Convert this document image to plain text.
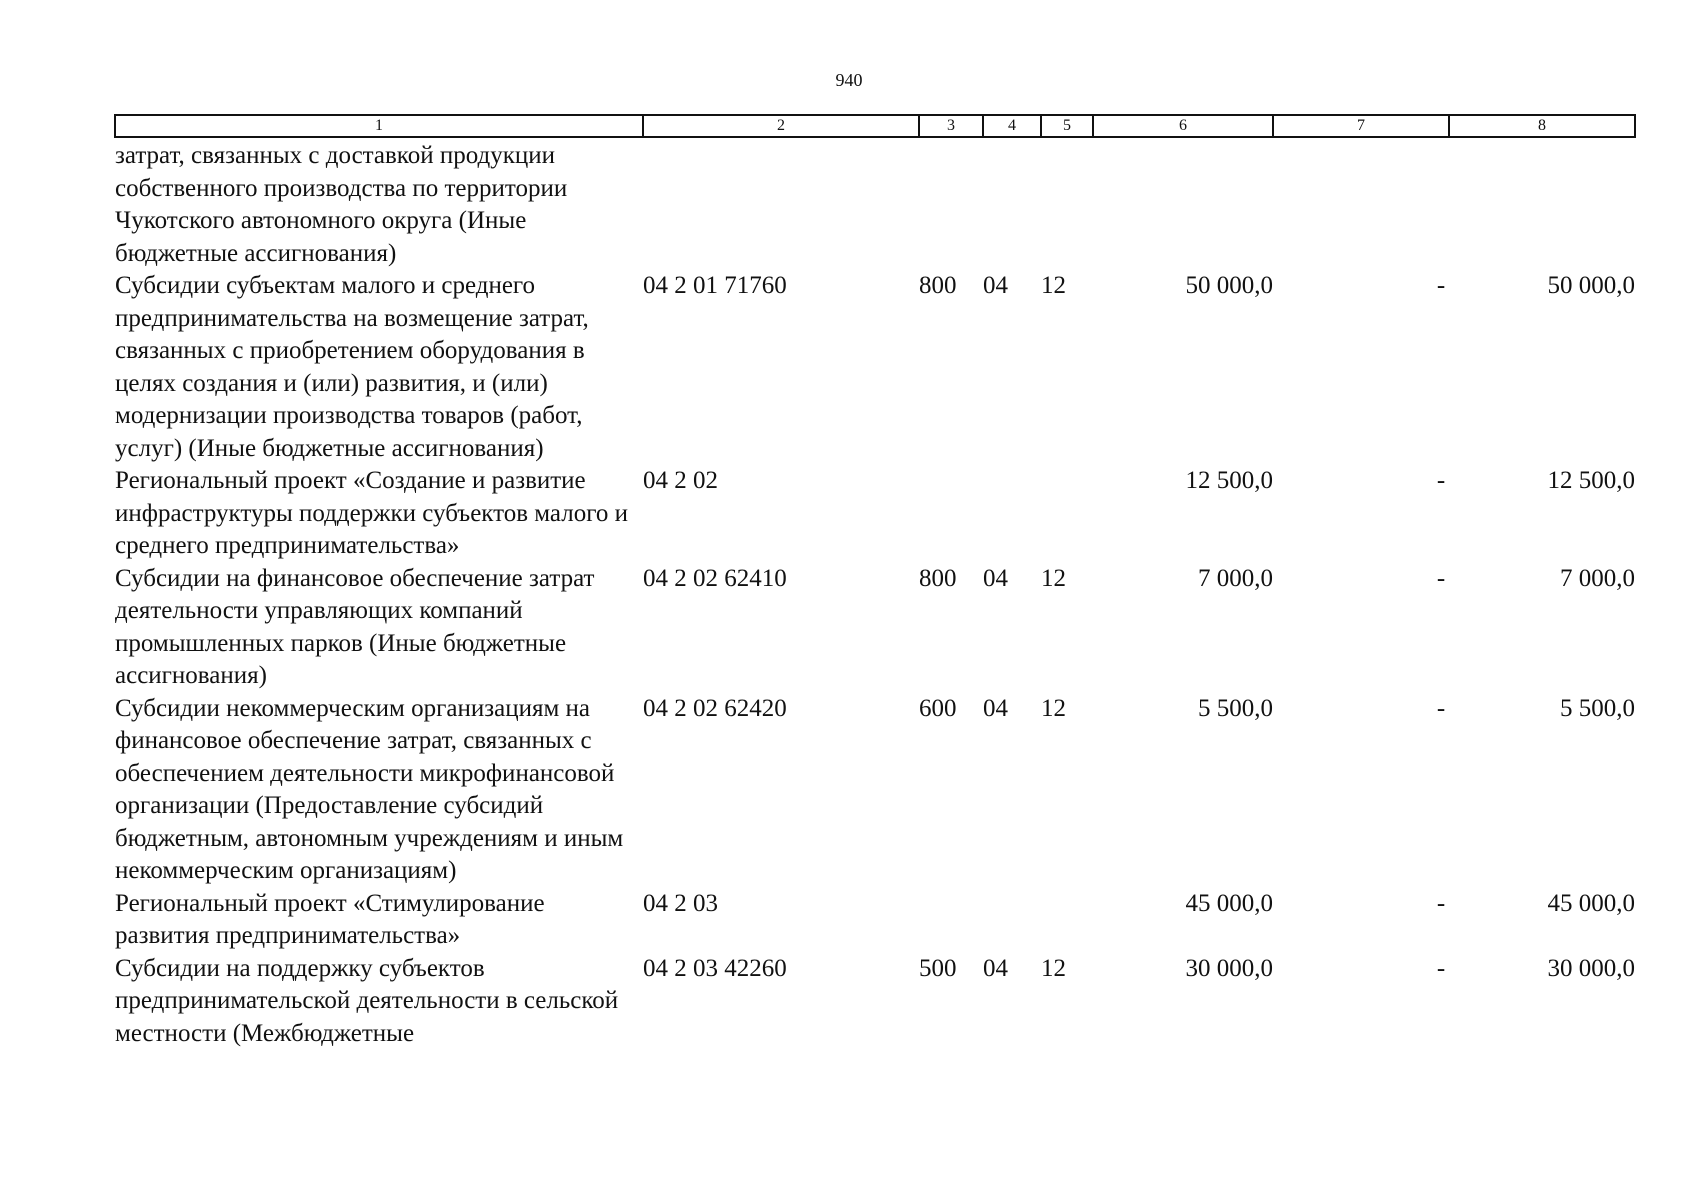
940
1	2	3	4	5	6	7	8
затрат, связанных с доставкой продукции собственного производства по территории Чукотского автономного округа (Иные бюджетные ассигнования)							
Субсидии субъектам малого и среднего предпринимательства на возмещение затрат, связанных с приобретением оборудования в целях создания и (или) развития, и (или) модернизации производства товаров (работ, услуг) (Иные бюджетные ассигнования)	04 2 01 71760	800	04	12	50 000,0	-	50 000,0
Региональный проект «Создание и развитие инфраструктуры поддержки субъектов малого и среднего предпринимательства»	04 2 02				12 500,0	-	12 500,0
Субсидии на финансовое обеспечение затрат деятельности управляющих компаний промышленных парков (Иные бюджетные ассигнования)	04 2 02 62410	800	04	12	7 000,0	-	7 000,0
Субсидии некоммерческим организациям на финансовое обеспечение затрат, связанных с обеспечением деятельности микрофинансовой организации (Предоставление субсидий бюджетным, автономным учреждениям и иным некоммерческим организациям)	04 2 02 62420	600	04	12	5 500,0	-	5 500,0
Региональный проект «Стимулирование развития предпринимательства»	04 2 03				45 000,0	-	45 000,0
Субсидии на поддержку субъектов предпринимательской деятельности в сельской местности (Межбюджетные	04 2 03 42260	500	04	12	30 000,0	-	30 000,0
